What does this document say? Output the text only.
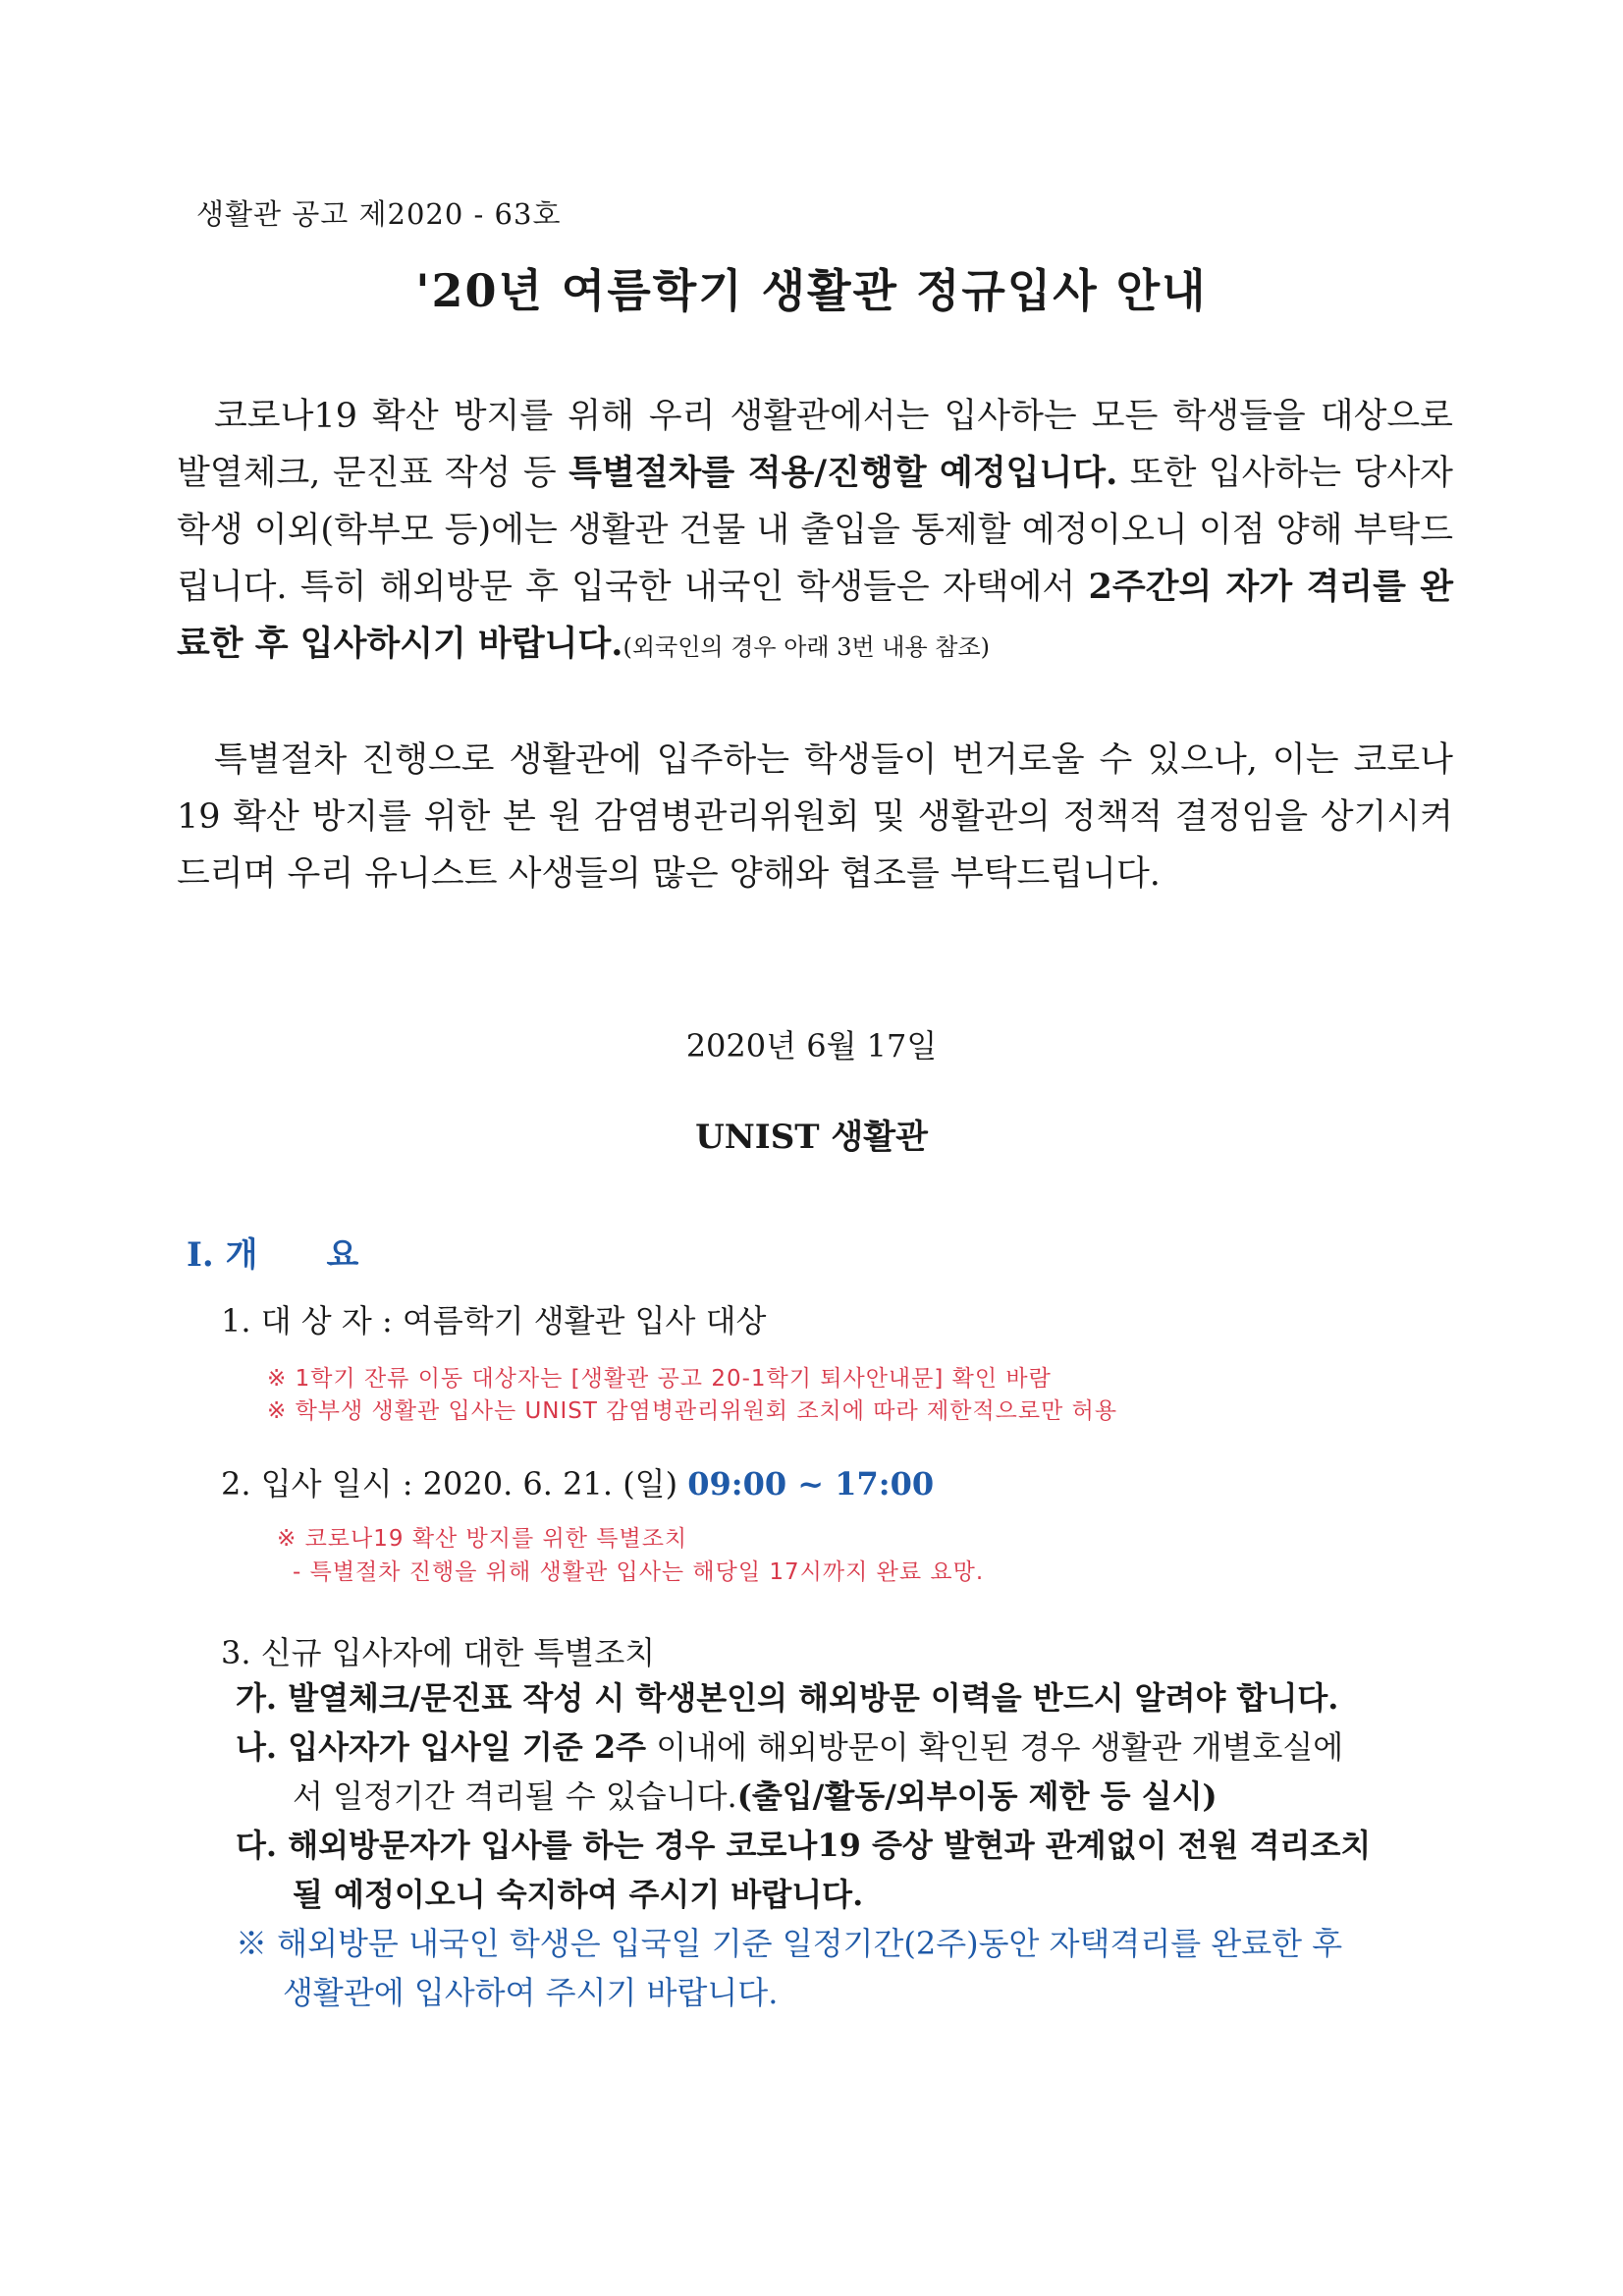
생활관 공고 제2020 - 63호
'20년 여름학기 생활관 정규입사 안내

코로나19 확산 방지를 위해 우리 생활관에서는 입사하는 모든 학생들을 대상으로 발열체크, 문진표 작성 등 특별절차를 적용/진행할 예정입니다. 또한 입사하는 당사자 학생 이외(학부모 등)에는 생활관 건물 내 출입을 통제할 예정이오니 이점 양해 부탁드립니다. 특히 해외방문 후 입국한 내국인 학생들은 자택에서 2주간의 자가 격리를 완료한 후 입사하시기 바랍니다.(외국인의 경우 아래 3번 내용 참조)

특별절차 진행으로 생활관에 입주하는 학생들이 번거로울 수 있으나, 이는 코로나19 확산 방지를 위한 본 원 감염병관리위원회 및 생활관의 정책적 결정임을 상기시켜 드리며 우리 유니스트 사생들의 많은 양해와 협조를 부탁드립니다.

2020년 6월 17일
UNIST 생활관
Ⅰ. 개 요
1. 대 상 자 : 여름학기 생활관 입사 대상
※ 1학기 잔류 이동 대상자는 [생활관 공고 20-1학기 퇴사안내문] 확인 바람
※ 학부생 생활관 입사는 UNIST 감염병관리위원회 조치에 따라 제한적으로만 허용
2. 입사 일시 : 2020. 6. 21. (일) 09:00 ~ 17:00
※ 코로나19 확산 방지를 위한 특별조치
- 특별절차 진행을 위해 생활관 입사는 해당일 17시까지 완료 요망.
3. 신규 입사자에 대한 특별조치
가. 발열체크/문진표 작성 시 학생본인의 해외방문 이력을 반드시 알려야 합니다.
나. 입사자가 입사일 기준 2주 이내에 해외방문이 확인된 경우 생활관 개별호실에
서 일정기간 격리될 수 있습니다.(출입/활동/외부이동 제한 등 실시)
다. 해외방문자가 입사를 하는 경우 코로나19 증상 발현과 관계없이 전원 격리조치
될 예정이오니 숙지하여 주시기 바랍니다.
※ 해외방문 내국인 학생은 입국일 기준 일정기간(2주)동안 자택격리를 완료한 후
생활관에 입사하여 주시기 바랍니다.
